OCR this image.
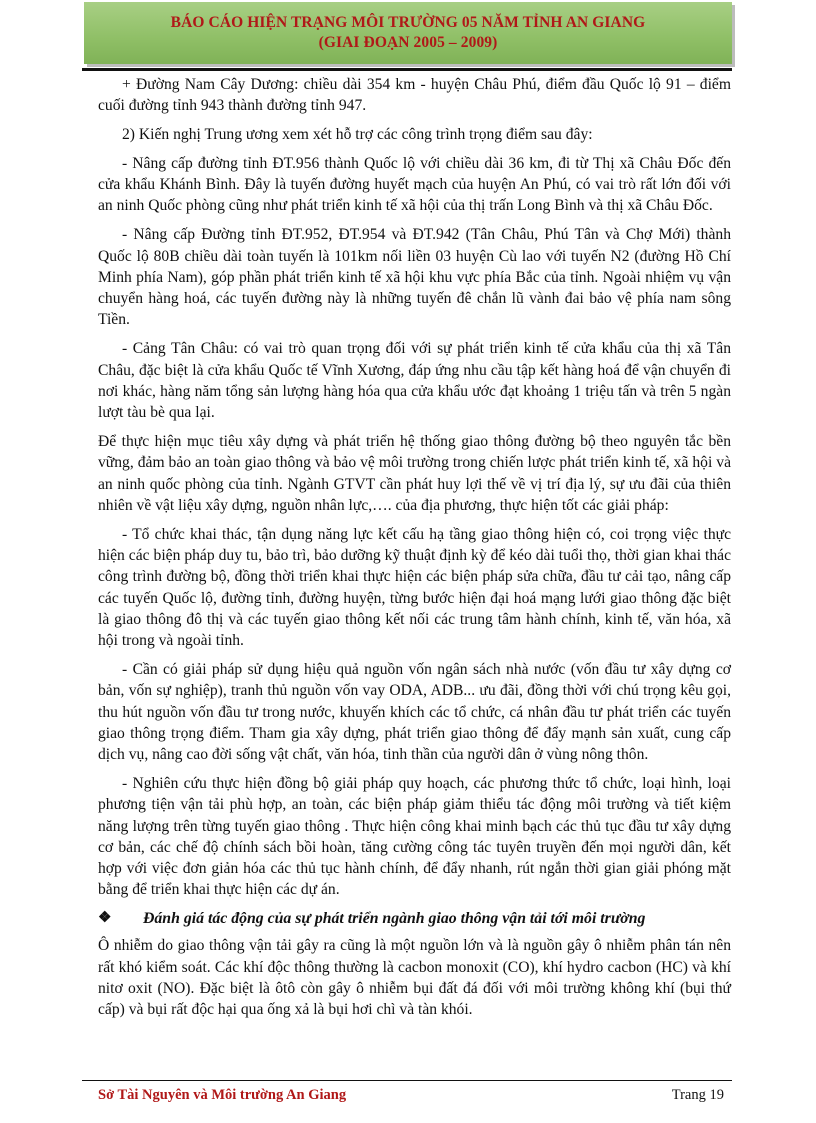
BÁO CÁO HIỆN TRẠNG MÔI TRƯỜNG 05 NĂM TỈNH AN GIANG
(GIAI ĐOẠN 2005 – 2009)

+ Đường Nam Cây Dương: chiều dài 354 km - huyện Châu Phú, điểm đầu Quốc lộ 91 – điểm cuối đường tỉnh 943 thành đường tỉnh 947.

2) Kiến nghị Trung ương xem xét hỗ trợ các công trình trọng điểm sau đây:

- Nâng cấp đường tỉnh ĐT.956 thành Quốc lộ với chiều dài 36 km, đi từ Thị xã Châu Đốc đến cửa khẩu Khánh Bình. Đây là tuyến đường huyết mạch của huyện An Phú, có vai trò rất lớn đối với an ninh Quốc phòng cũng như phát triển kinh tế xã hội của thị trấn Long Bình và thị xã Châu Đốc.

- Nâng cấp Đường tỉnh ĐT.952, ĐT.954 và ĐT.942 (Tân Châu, Phú Tân và Chợ Mới) thành Quốc lộ 80B chiều dài toàn tuyến là 101km nối liền 03 huyện Cù lao với tuyến N2 (đường Hồ Chí Minh phía Nam), góp phần phát triển kinh tế xã hội khu vực phía Bắc của tỉnh. Ngoài nhiệm vụ vận chuyển hàng hoá, các tuyến đường này là những tuyến đê chắn lũ vành đai bảo vệ phía nam sông Tiền.

- Cảng Tân Châu: có vai trò quan trọng đối với sự phát triển kinh tế cửa khẩu của thị xã Tân Châu, đặc biệt là cửa khẩu Quốc tế Vĩnh Xương, đáp ứng nhu cầu tập kết hàng hoá để vận chuyển đi nơi khác, hàng năm tổng sản lượng hàng hóa qua cửa khẩu ước đạt khoảng 1 triệu tấn và trên 5 ngàn lượt tàu bè qua lại.

Để thực hiện mục tiêu xây dựng và phát triển hệ thống giao thông đường bộ theo nguyên tắc bền vững, đảm bảo an toàn giao thông và bảo vệ môi trường trong chiến lược phát triển kinh tế, xã hội và an ninh quốc phòng của tỉnh. Ngành GTVT cần phát huy lợi thế về vị trí địa lý, sự ưu đãi của thiên nhiên về vật liệu xây dựng, nguồn nhân lực,…. của địa phương, thực hiện tốt các giải pháp:

- Tổ chức khai thác, tận dụng năng lực kết cấu hạ tầng giao thông hiện có, coi trọng việc thực hiện các biện pháp duy tu, bảo trì, bảo dưỡng kỹ thuật định kỳ để kéo dài tuổi thọ, thời gian khai thác công trình đường bộ, đồng thời triển khai thực hiện các biện pháp sửa chữa, đầu tư cải tạo, nâng cấp các tuyến Quốc lộ, đường tỉnh, đường huyện, từng bước hiện đại hoá mạng lưới giao thông đặc biệt là giao thông đô thị và các tuyến giao thông kết nối các trung tâm hành chính, kinh tế, văn hóa, xã hội trong và ngoài tỉnh.

- Cần có giải pháp sử dụng hiệu quả nguồn vốn ngân sách nhà nước (vốn đầu tư xây dựng cơ bản, vốn sự nghiệp), tranh thủ nguồn vốn vay ODA, ADB... ưu đãi, đồng thời với chú trọng kêu gọi, thu hút nguồn vốn đầu tư trong nước, khuyến khích các tổ chức, cá nhân đầu tư phát triển các tuyến giao thông trọng điểm. Tham gia xây dựng, phát triển giao thông để đẩy mạnh sản xuất, cung cấp dịch vụ, nâng cao đời sống vật chất, văn hóa, tinh thần của người dân ở vùng nông thôn.

- Nghiên cứu thực hiện đồng bộ giải pháp quy hoạch, các phương thức tổ chức, loại hình, loại phương tiện vận tải phù hợp, an toàn, các biện pháp giảm thiểu tác động môi trường và tiết kiệm năng lượng trên từng tuyến giao thông . Thực hiện công khai minh bạch các thủ tục đầu tư xây dựng cơ bản, các chế độ chính sách bồi hoàn, tăng cường công tác tuyên truyền đến mọi người dân, kết hợp với việc đơn giản hóa các thủ tục hành chính, để đẩy nhanh, rút ngắn thời gian giải phóng mặt bằng để triển khai thực hiện các dự án.

❖	Đánh giá tác động của sự phát triển ngành giao thông vận tải tới môi trường

Ô nhiễm do giao thông vận tải gây ra cũng là một nguồn lớn và là nguồn gây ô nhiễm phân tán nên rất khó kiểm soát. Các khí độc thông thường là cacbon monoxit (CO), khí hydro cacbon (HC) và khí nitơ oxit (NO). Đặc biệt là ôtô còn gây ô nhiễm bụi đất đá đối với môi trường không khí (bụi thứ cấp) và bụi rất độc hại qua ống xả là bụi hơi chì và tàn khói.

Sở Tài Nguyên và Môi trường An Giang	Trang 19
